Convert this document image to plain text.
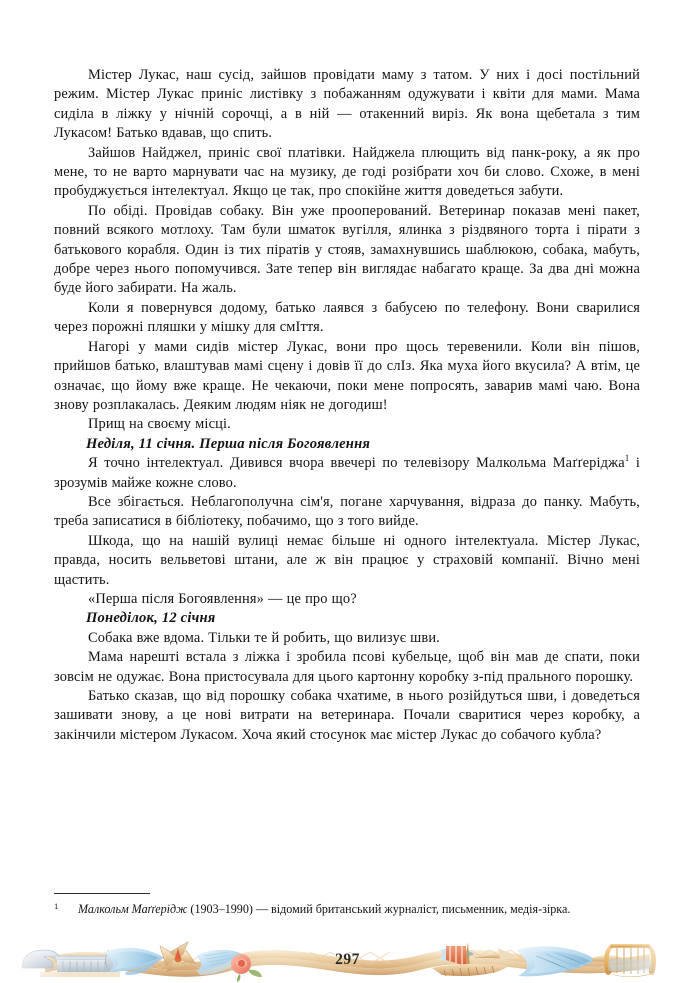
Містер Лукас, наш сусід, зайшов провідати маму з татом. У них і досі постільний режим. Містер Лукас приніс листівку з побажанням одужувати і квіти для мами. Мама сиділа в ліжку у нічній сорочці, а в ній — отакенний виріз. Як вона щебетала з тим Лукасом! Батько вдавав, що спить.

Зайшов Найджел, приніс свої платівки. Найджела плющить від панк-року, а як про мене, то не варто марнувати час на музику, де годі розібрати хоч би слово. Схоже, в мені пробуджується інтелектуал. Якщо це так, про спокійне життя доведеться забути.

По обіді. Провідав собаку. Він уже прооперований. Ветеринар показав мені пакет, повний всякого мотлоху. Там були шматок вугілля, ялинка з різдвяного торта і пірати з батькового корабля. Один із тих піратів у стояв, замахнувшись шаблюкою, собака, мабуть, добре через нього попомучився. Зате тепер він виглядає набагато краще. За два дні можна буде його забирати. На жаль.

Коли я повернувся додому, батько лаявся з бабусею по телефону. Вони сварилися через порожні пляшки у мішку для смІття.

Нагорі у мами сидів містер Лукас, вони про щось теревенили. Коли він пішов, прийшов батько, влаштував мамі сцену і довів її до слІз. Яка муха його вкусила? А втім, це означає, що йому вже краще. Не чекаючи, поки мене попросять, заварив мамі чаю. Вона знову розплакалась. Деяким людям ніяк не догодиш!

Прищ на своєму місці.

Неділя, 11 січня. Перша після Богоявлення

Я точно інтелектуал. Дивився вчора ввечері по телевізору Малкольма Маґґеріджа$^1$ і зрозумів майже кожне слово.

Все збігається. Неблагополучна сім'я, погане харчування, відраза до панку. Мабуть, треба записатися в бібліотеку, побачимо, що з того вийде.

Шкода, що на нашій вулиці немає більше ні одного інтелектуала. Містер Лукас, правда, носить вельветові штани, але ж він працює у страховій компанії. Вічно мені щастить.

«Перша після Богоявлення» — це про що?

Понеділок, 12 січня

Собака вже вдома. Тільки те й робить, що вилизує шви.

Мама нарешті встала з ліжка і зробила псові кубельце, щоб він мав де спати, поки зовсім не одужає. Вона пристосувала для цього картонну коробку з-під прального порошку.

Батько сказав, що від порошку собака чхатиме, в нього розійдуться шви, і доведеться зашивати знову, а це нові витрати на ветеринара. Почали сваритися через коробку, а закінчили містером Лукасом. Хоча який стосунок має містер Лукас до собачого кубла?

1 Малкольм Маґґерідж (1903–1990) — відомий британський журналіст, письменник, медія-зірка.
297
